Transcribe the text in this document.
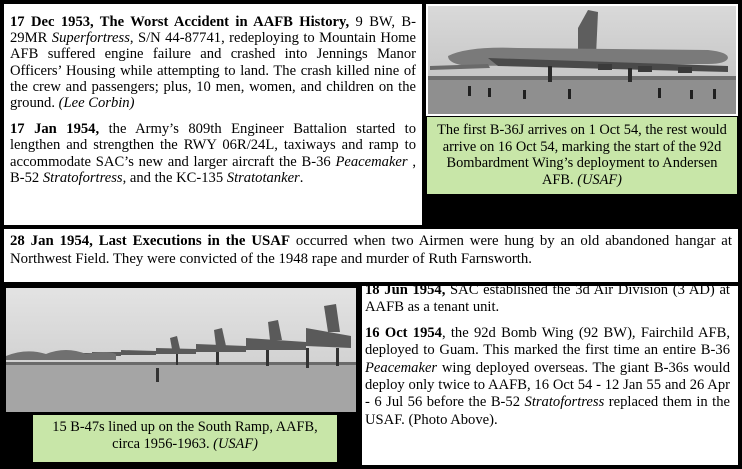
17 Dec 1953, The Worst Accident in AAFB History, 9 BW, B-29MR Superfortress, S/N 44-87741, redeploying to Mountain Home AFB suffered engine failure and crashed into Jennings Manor Officers’ Housing while attempting to land. The crash killed nine of the crew and passengers; plus, 10 men, women, and children on the ground. (Lee Corbin)

17 Jan 1954, the Army’s 809th Engineer Battalion started to lengthen and strengthen the RWY 06R/24L, taxiways and ramp to accommodate SAC’s new and larger aircraft the B-36 Peacemaker , B-52 Stratofortress, and the KC-135 Stratotanker.

The first B-36J arrives on 1 Oct 54, the rest would arrive on 16 Oct 54, marking the start of the 92d Bombardment Wing’s deployment to Andersen AFB. (USAF)

28 Jan 1954, Last Executions in the USAF occurred when two Airmen were hung by an old abandoned hangar at Northwest Field. They were convicted of the 1948 rape and murder of Ruth Farnsworth.

15 B-47s lined up on the South Ramp, AAFB, circa 1956-1963. (USAF)

18 Jun 1954, SAC established the 3d Air Division (3 AD) at AAFB as a tenant unit.

16 Oct 1954, the 92d Bomb Wing (92 BW), Fairchild AFB, deployed to Guam. This marked the first time an entire B-36 Peacemaker wing deployed overseas. The giant B-36s would deploy only twice to AAFB, 16 Oct 54 - 12 Jan 55 and 26 Apr - 6 Jul 56 before the B-52 Stratofortress replaced them in the USAF. (Photo Above).
